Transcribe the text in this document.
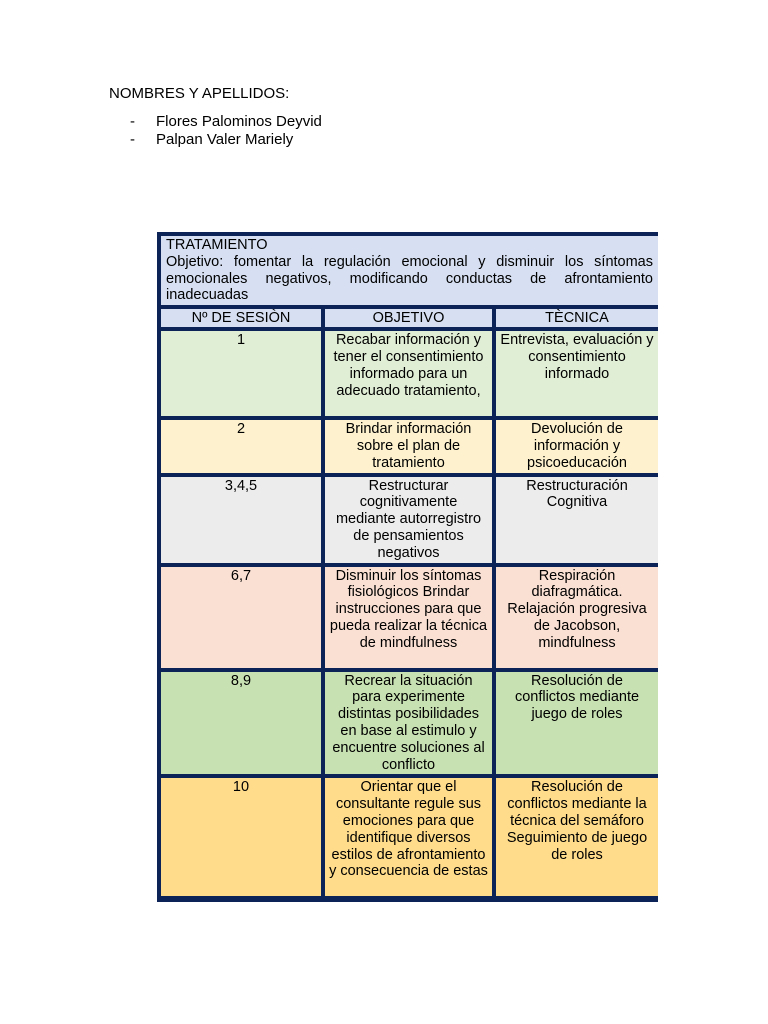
NOMBRES Y APELLIDOS:

- Flores Palominos Deyvid
- Palpan Valer Mariely
TRATAMIENTO
Objetivo: fomentar la regulación emocional y disminuir los síntomas emocionales negativos, modificando conductas de afrontamiento inadecuadas		

Nº DE SESIÒN	OBJETIVO	TÈCNICA
1	Recabar información y tener el consentimiento informado para un adecuado tratamiento,	Entrevista, evaluación y consentimiento informado
2	Brindar información sobre el plan de tratamiento	Devolución de información y psicoeducación
3,4,5	Restructurar cognitivamente mediante autorregistro de pensamientos negativos	Restructuración Cognitiva
6,7	Disminuir los síntomas fisiológicos Brindar instrucciones para que pueda realizar la técnica de mindfulness	Respiración diafragmática. Relajación progresiva de Jacobson, mindfulness
8,9	Recrear la situación para experimente distintas posibilidades en base al estimulo y encuentre soluciones al conflicto	Resolución de conflictos mediante juego de roles
10	Orientar que el consultante regule sus emociones para que identifique diversos estilos de afrontamiento y consecuencia de estas	Resolución de conflictos mediante la técnica del semáforo Seguimiento de juego de roles
